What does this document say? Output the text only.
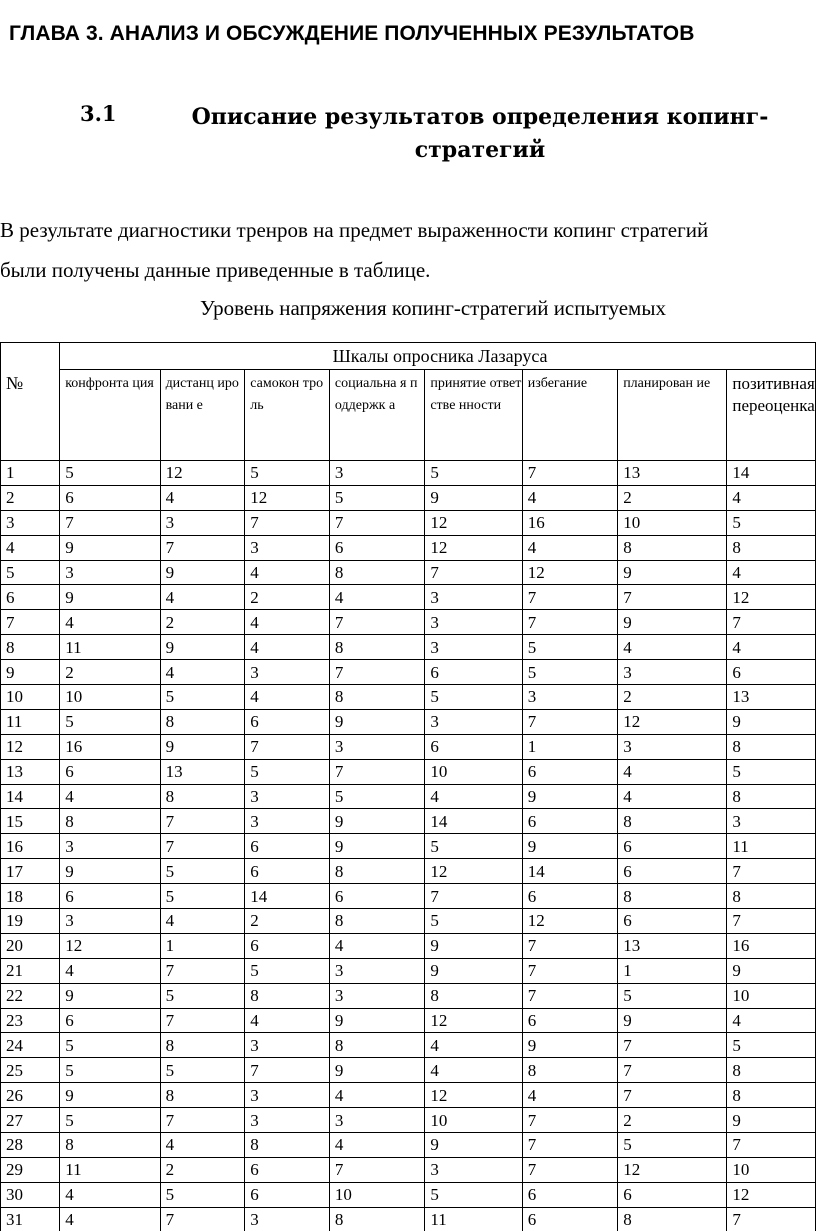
ГЛАВА 3. АНАЛИЗ И ОБСУЖДЕНИЕ ПОЛУЧЕННЫХ РЕЗУЛЬТАТОВ
3.1	Описание результатов определения копинг-
стратегий
В результате диагностики тренров на предмет выраженности копинг стратегий
были получены данные приведенные в таблице.
Уровень напряжения копинг-стратегий испытуемых
№	Шкалы опросника Лазаруса							
	конфронта ция	дистанц ировани е	самокон троль	социальна я поддержк а	принятие ответстве нности	избегание	планирован ие	позитивная переоценка
1	5	12	5	3	5	7	13	14
2	6	4	12	5	9	4	2	4
3	7	3	7	7	12	16	10	5
4	9	7	3	6	12	4	8	8
5	3	9	4	8	7	12	9	4
6	9	4	2	4	3	7	7	12
7	4	2	4	7	3	7	9	7
8	11	9	4	8	3	5	4	4
9	2	4	3	7	6	5	3	6
10	10	5	4	8	5	3	2	13
11	5	8	6	9	3	7	12	9
12	16	9	7	3	6	1	3	8
13	6	13	5	7	10	6	4	5
14	4	8	3	5	4	9	4	8
15	8	7	3	9	14	6	8	3
16	3	7	6	9	5	9	6	11
17	9	5	6	8	12	14	6	7
18	6	5	14	6	7	6	8	8
19	3	4	2	8	5	12	6	7
20	12	1	6	4	9	7	13	16
21	4	7	5	3	9	7	1	9
22	9	5	8	3	8	7	5	10
23	6	7	4	9	12	6	9	4
24	5	8	3	8	4	9	7	5
25	5	5	7	9	4	8	7	8
26	9	8	3	4	12	4	7	8
27	5	7	3	3	10	7	2	9
28	8	4	8	4	9	7	5	7
29	11	2	6	7	3	7	12	10
30	4	5	6	10	5	6	6	12
31	4	7	3	8	11	6	8	7
